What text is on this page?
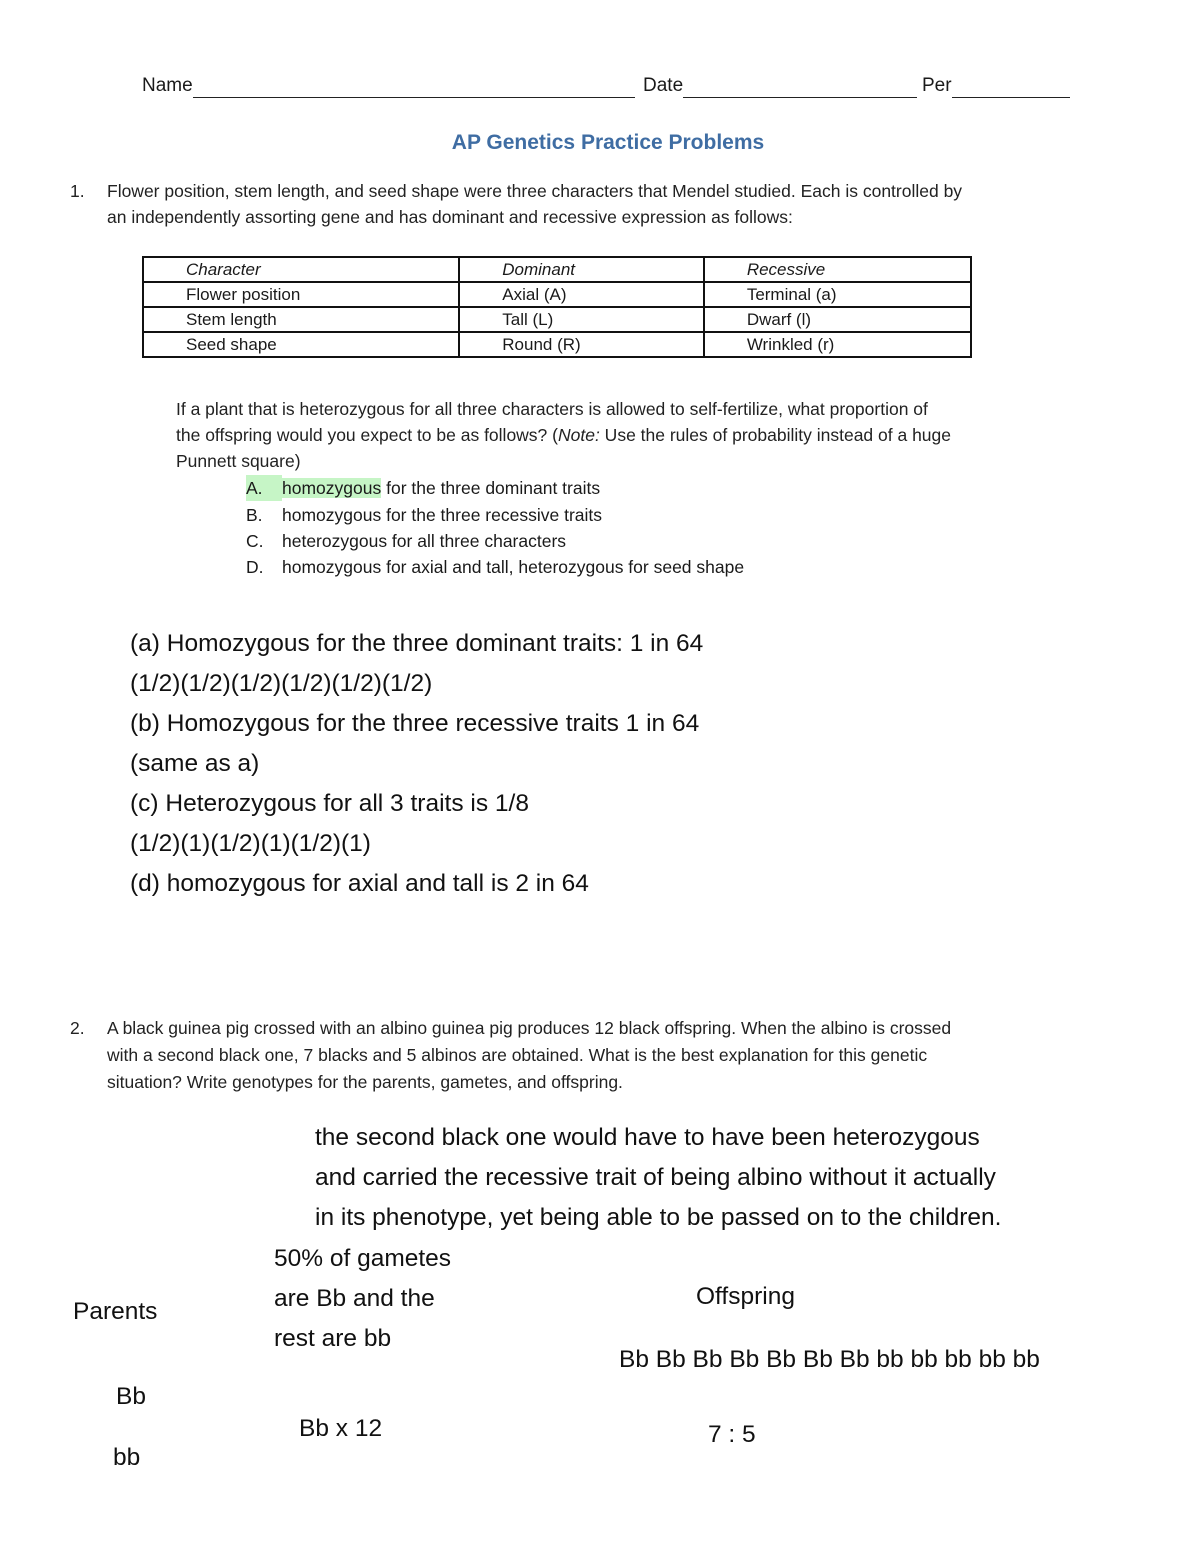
Name	Date	Per
AP Genetics Practice Problems
1. Flower position, stem length, and seed shape were three characters that Mendel studied. Each is controlled by
an independently assorting gene and has dominant and recessive expression as follows:
Character	Dominant	Recessive
Flower position	Axial (A)	Terminal (a)
Stem length	Tall (L)	Dwarf (l)
Seed shape	Round (R)	Wrinkled (r)
If a plant that is heterozygous for all three characters is allowed to self-fertilize, what proportion of
the offspring would you expect to be as follows? (Note: Use the rules of probability instead of a huge
Punnett square)
A. homozygous for the three dominant traits
B. homozygous for the three recessive traits
C. heterozygous for all three characters
D. homozygous for axial and tall, heterozygous for seed shape
(a) Homozygous for the three dominant traits: 1 in 64
(1/2)(1/2)(1/2)(1/2)(1/2)(1/2)
(b) Homozygous for the three recessive traits 1 in 64
(same as a)
(c) Heterozygous for all 3 traits is 1/8
(1/2)(1)(1/2)(1)(1/2)(1)
(d) homozygous for axial and tall is 2 in 64
2. A black guinea pig crossed with an albino guinea pig produces 12 black offspring. When the albino is crossed
with a second black one, 7 blacks and 5 albinos are obtained. What is the best explanation for this genetic
situation? Write genotypes for the parents, gametes, and offspring.
the second black one would have to have been heterozygous
and carried the recessive trait of being albino without it actually
in its phenotype, yet being able to be passed on to the children.
Parents
Bb
bb
50% of gametes
are Bb and the
rest are bb
Bb x 12
Offspring
Bb Bb Bb Bb Bb Bb Bb bb bb bb bb bb
7 : 5
